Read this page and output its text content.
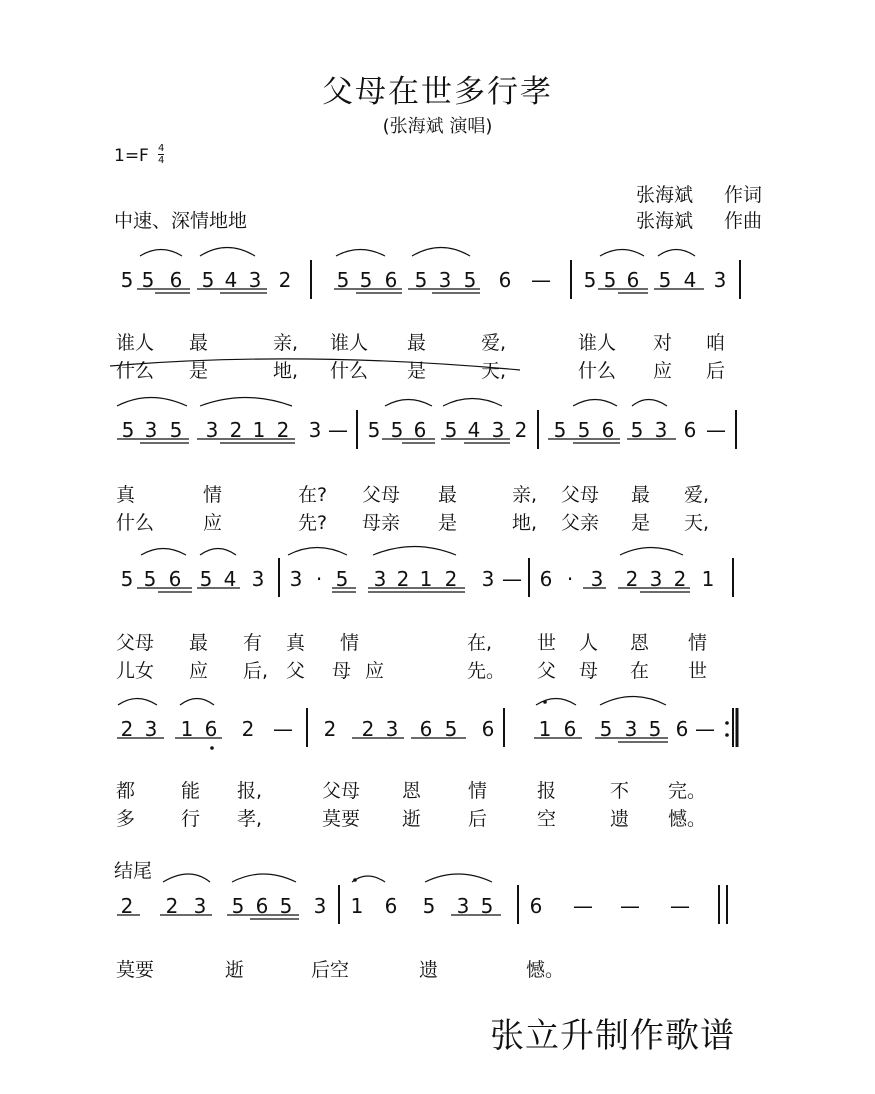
父母在世多行孝
(张海斌 演唱)
1=F 4
4
张海斌 作词
张海斌 作曲
中速、深情地地
5 5 6 5 4 3 2 5 5 6 5 3 5 6 — 5 5 6 5 4 3
5 3 5 3 2 1 2 3 — 5 5 6 5 4 3 2 5 5 6 5 3 6 —
5 5 6 5 4 3 3 · 5 3 2 1 2 3 — 6 · 3 2 3 2 1
2 3 1 6 2 — 2 2 3 6 5 6 1 6 5 3 5 6 —
2 2 3 5 6 5 3 1 6 5 3 5 6 — — —
谁人 最	亲, 谁人 最	爱,	谁人 对 咱
什么 是	地, 什么 是	天,	什么 应 后
真	情	在? 父母 最	亲, 父母 最 爱,
什么	应	先? 母亲 是	地, 父亲 是 天,
父母 最 有 真 情	在, 世 人 恩 情
儿女 应 后, 父 母 应	先。 父 母 在 世
都 能 报,	父母 恩 情	报	不 完。
多 行 孝,	莫要 逝 后	空	遗 憾。
莫要	逝	后空	遗	憾。
结尾
张立升制作歌谱
